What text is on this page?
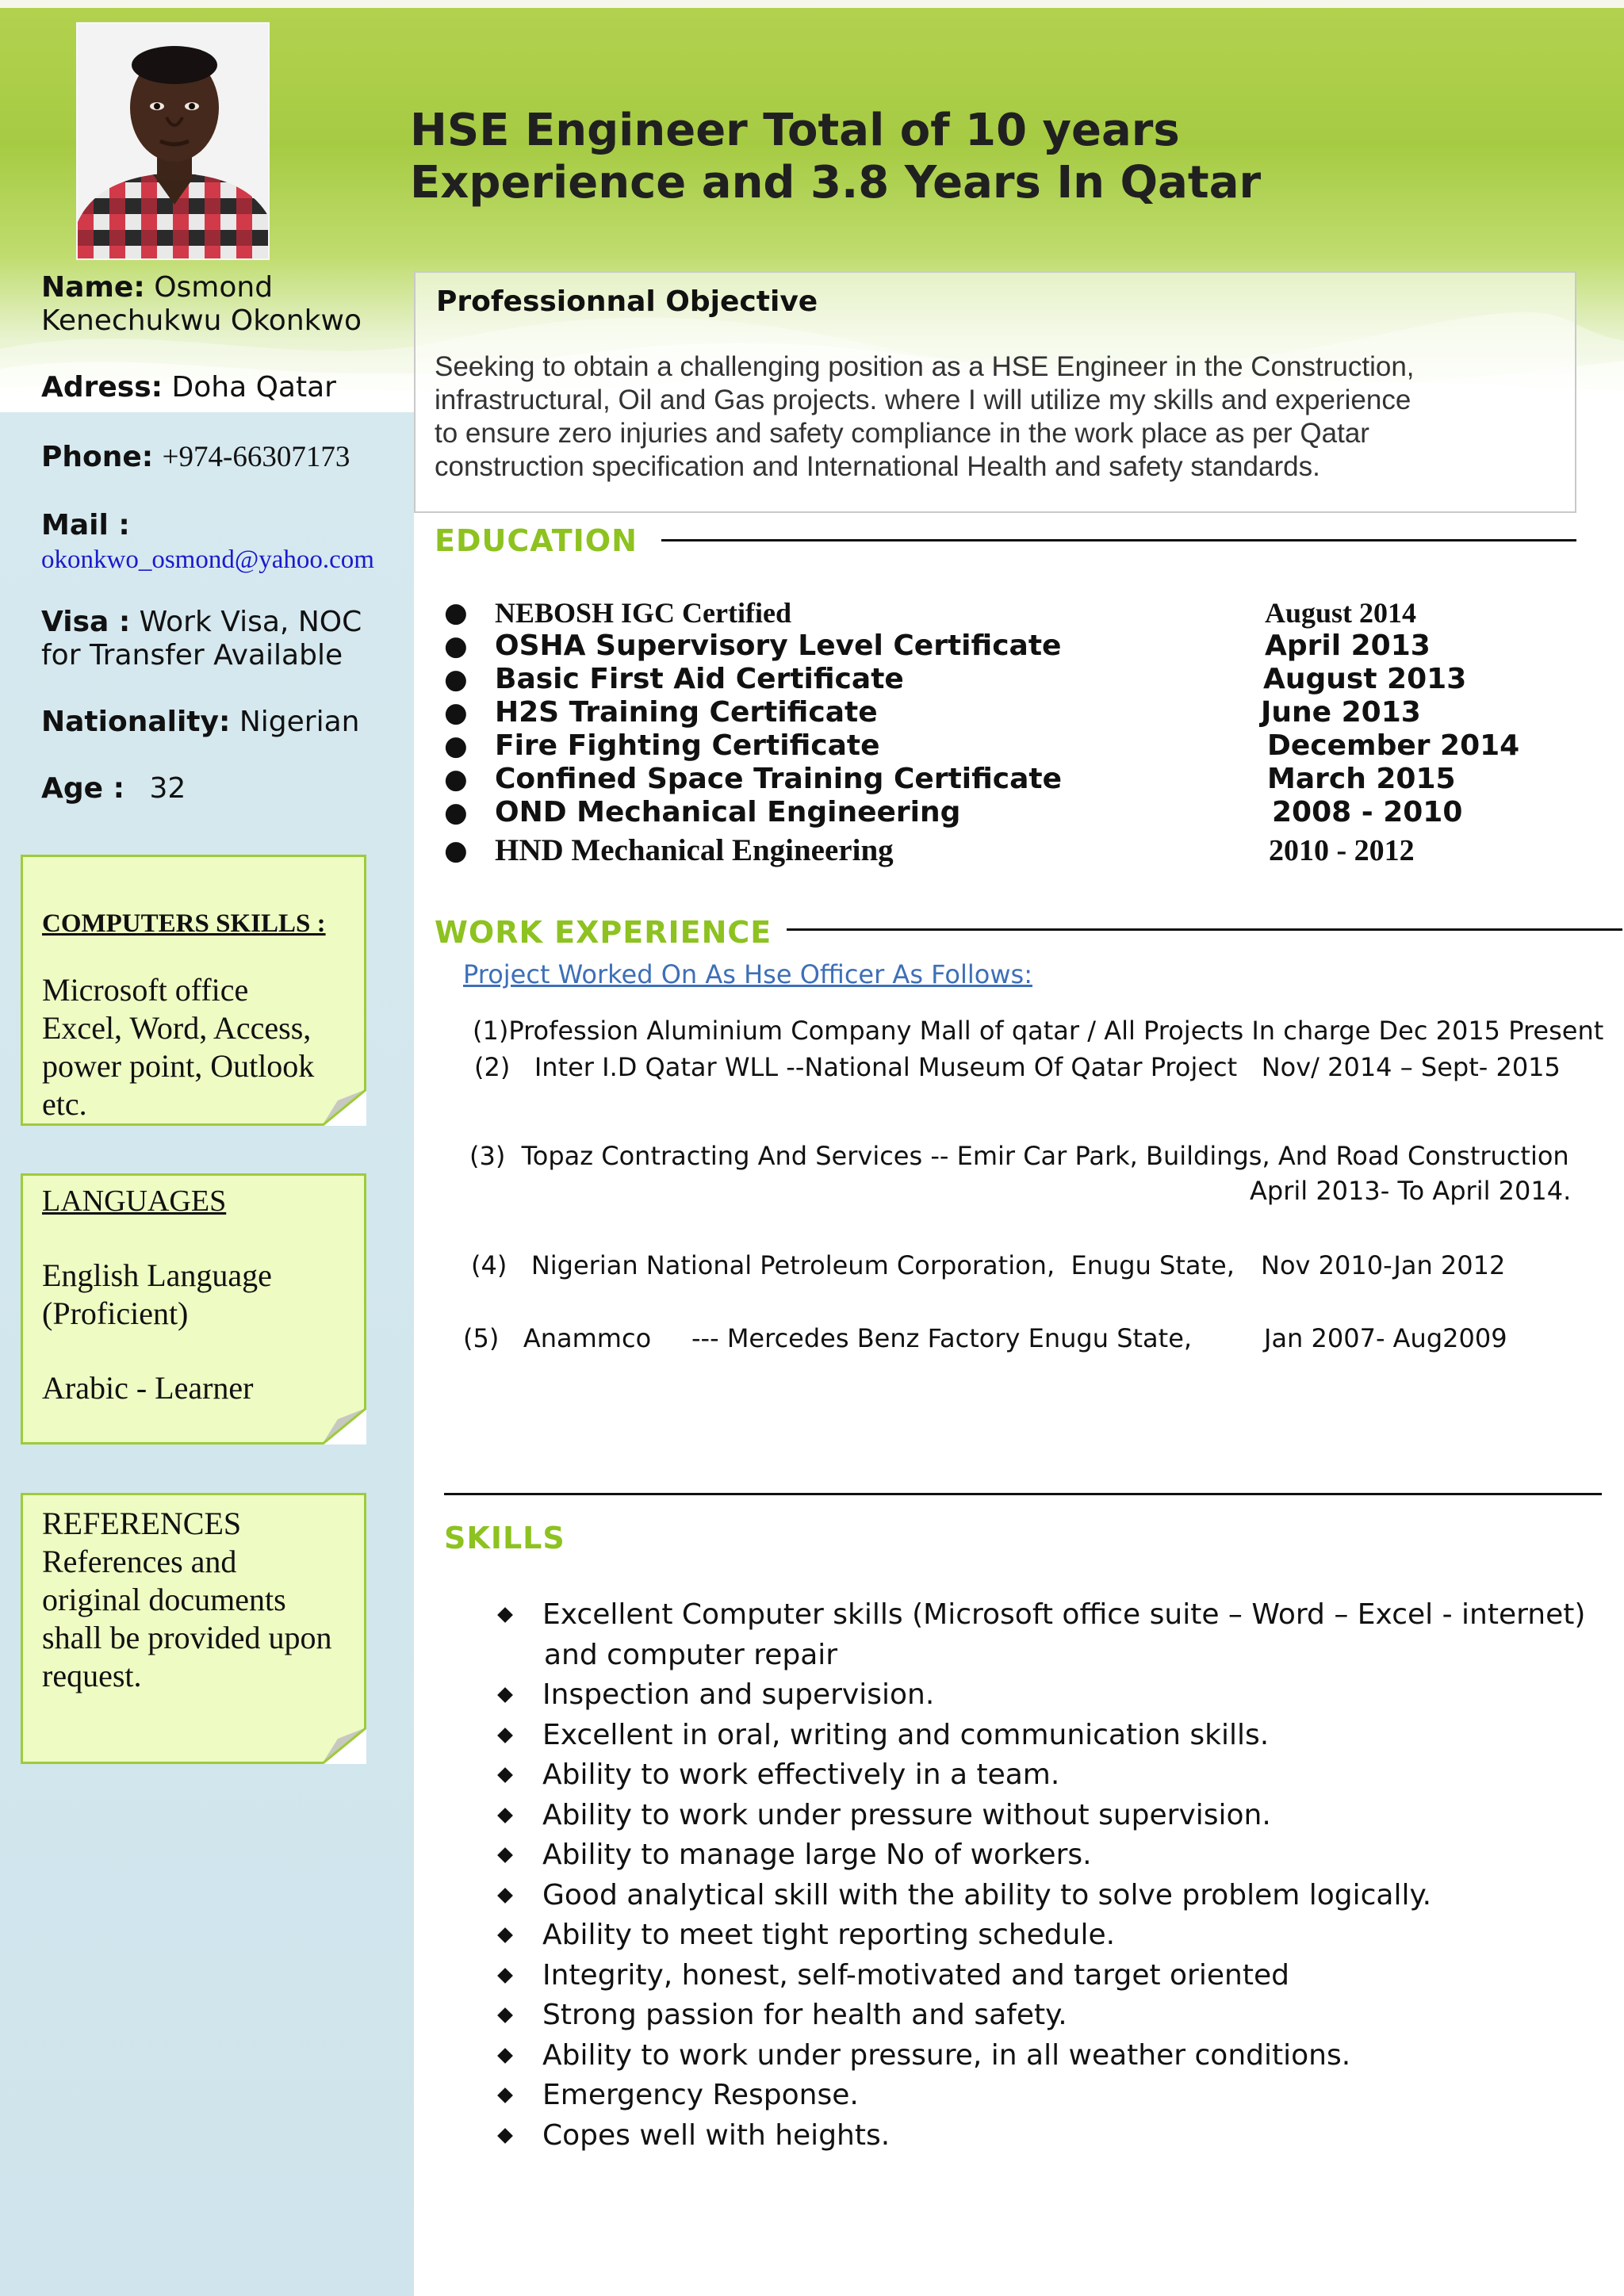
Name: Osmond
Kenechukwu Okonkwo
Adress: Doha Qatar
Phone: +974-66307173
Mail :
okonkwo_osmond@yahoo.com
Visa : Work Visa, NOC
for Transfer Available
Nationality: Nigerian
Age : 32
COMPUTERS SKILLS :
Microsoft office
Excel, Word, Access,
power point, Outlook
etc.
LANGUAGES
English Language
(Proficient)
Arabic - Learner
REFERENCES
References and
original documents
shall be provided upon
request.
HSE Engineer Total of 10 years
Experience and 3.8 Years In Qatar
Professionnal Objective
Seeking to obtain a challenging position as a HSE Engineer in the Construction,
infrastructural, Oil and Gas projects. where I will utilize my skills and experience
to ensure zero injuries and safety compliance in the work place as per Qatar
construction specification and International Health and safety standards.
EDUCATION
● NEBOSH IGC Certified	August 2014
● OSHA Supervisory Level Certificate	April 2013
● Basic First Aid Certificate	August 2013
● H2S Training Certificate	June 2013
● Fire Fighting Certificate	December 2014
● Confined Space Training Certificate	March 2015
● OND Mechanical Engineering	2008 - 2010
● HND Mechanical Engineering	2010 - 2012
WORK EXPERIENCE
Project Worked On As Hse Officer As Follows:
(1)Profession Aluminium Company Mall of qatar / All Projects In charge Dec 2015 Present
(2)   Inter I.D Qatar WLL --National Museum Of Qatar Project   Nov/ 2014 – Sept- 2015
(3)  Topaz Contracting And Services -- Emir Car Park, Buildings, And Road Construction
April 2013- To April 2014.
(4)   Nigerian National Petroleum Corporation,  Enugu State, Nov 2010-Jan 2012
(5)   Anammco     --- Mercedes Benz Factory Enugu State,	Jan 2007- Aug2009
SKILLS
Excellent Computer skills (Microsoft office suite – Word – Excel - internet)
and computer repair
Inspection and supervision.
Excellent in oral, writing and communication skills.
Ability to work effectively in a team.
Ability to work under pressure without supervision.
Ability to manage large No of workers.
Good analytical skill with the ability to solve problem logically.
Ability to meet tight reporting schedule.
Integrity, honest, self-motivated and target oriented
Strong passion for health and safety.
Ability to work under pressure, in all weather conditions.
Emergency Response.
Copes well with heights.
